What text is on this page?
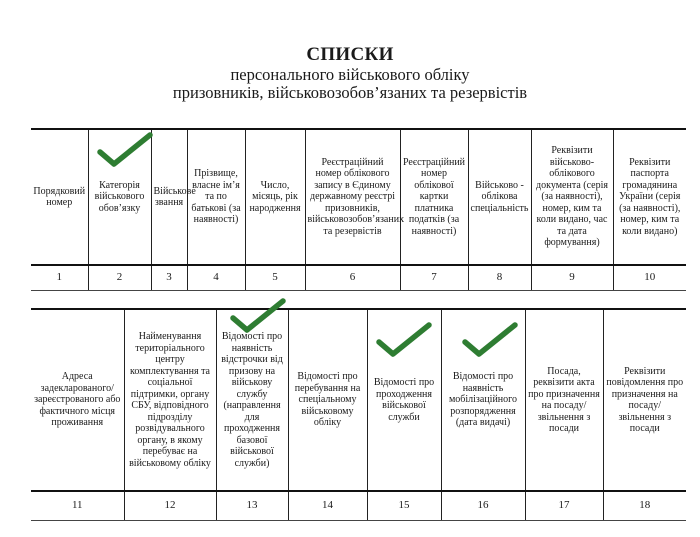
СПИСКИ
персонального військового обліку
призовників, військовозобов’язаних та резервістів
Порядковий номер	Категорія військового обов’язку	Військове звання	Прізвище, власне ім’я та по батькові (за наявності)	Число, місяць, рік народження	Реєстраційний номер облікового запису в Єдиному державному реєстрі призовників, військовозобов’язаних та резервістів	Реєстраційний номер облікової картки платника податків (за наявності)	Військово - облікова спеціальність	Реквізити військово-облікового документа (серія (за наявності), номер, ким та коли видано, час та дата формування)	Реквізити паспорта громадянина України (серія (за наявності), номер, ким та коли видано)
1	2	3	4	5	6	7	8	9	10
Адреса задекларованого/ зареєстрованого або фактичного місця проживання	Найменування територіального центру комплектування та соціальної підтримки, органу СБУ, відповідного підрозділу розвідувального органу, в якому перебуває на військовому обліку	Відомості про наявність відстрочки від призову на військову службу (направлення для проходження базової військової служби)	Відомості про перебування на спеціальному військовому обліку	Відомості про проходження військової служби	Відомості про наявність мобілізаційного розпорядження (дата видачі)	Посада, реквізити акта про призначення на посаду/ звільнення з посади	Реквізити повідомлення про призначення на посаду/ звільнення з посади
11	12	13	14	15	16	17	18
